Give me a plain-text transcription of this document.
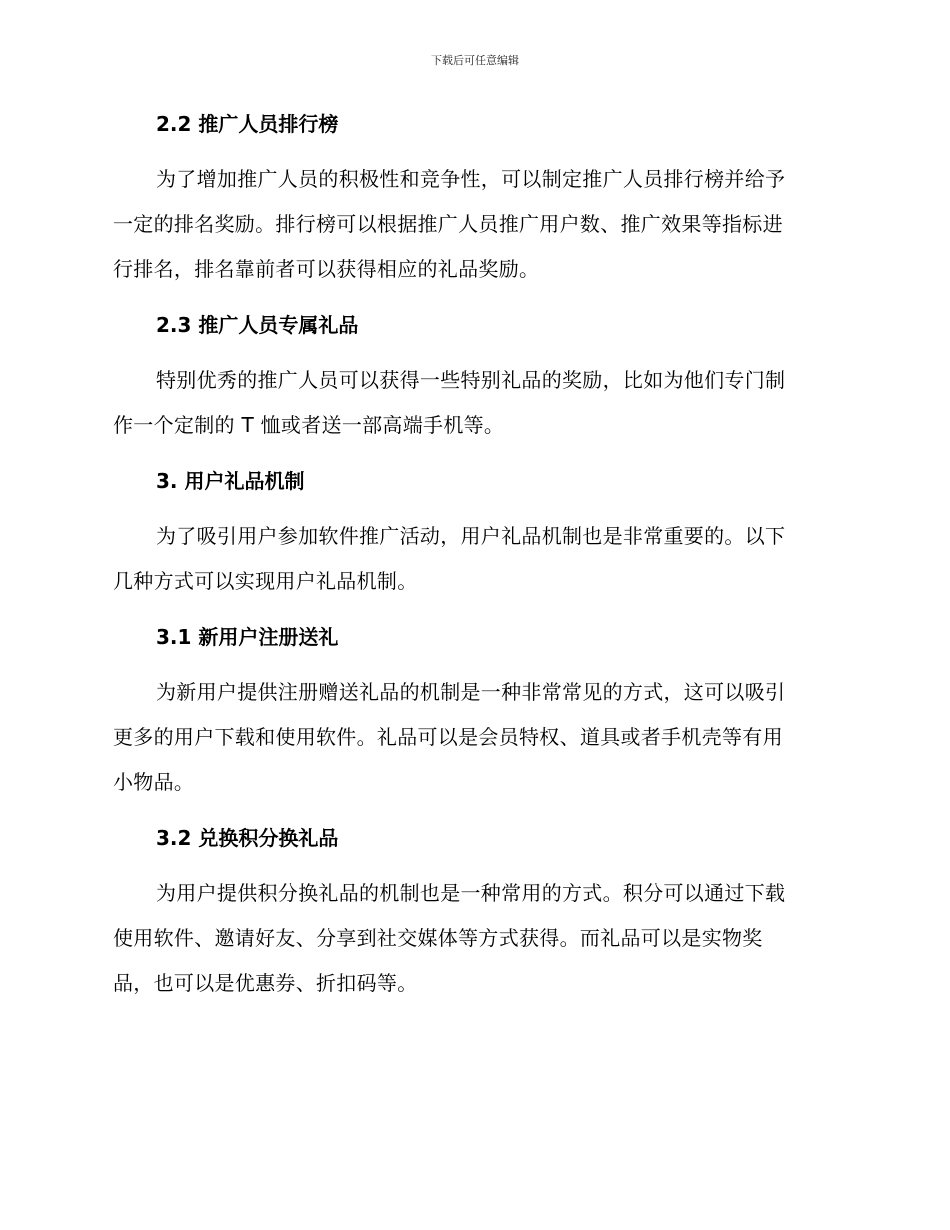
下载后可任意编辑
2.2 推广人员排行榜
为了增加推广人员的积极性和竞争性，可以制定推广人员排行榜并给予
一定的排名奖励。排行榜可以根据推广人员推广用户数、推广效果等指标进
行排名，排名靠前者可以获得相应的礼品奖励。
2.3 推广人员专属礼品
特别优秀的推广人员可以获得一些特别礼品的奖励，比如为他们专门制
作一个定制的 T 恤或者送一部高端手机等。
3. 用户礼品机制
为了吸引用户参加软件推广活动，用户礼品机制也是非常重要的。以下
几种方式可以实现用户礼品机制。
3.1 新用户注册送礼
为新用户提供注册赠送礼品的机制是一种非常常见的方式，这可以吸引
更多的用户下载和使用软件。礼品可以是会员特权、道具或者手机壳等有用
小物品。
3.2 兑换积分换礼品
为用户提供积分换礼品的机制也是一种常用的方式。积分可以通过下载
使用软件、邀请好友、分享到社交媒体等方式获得。而礼品可以是实物奖
品，也可以是优惠券、折扣码等。
